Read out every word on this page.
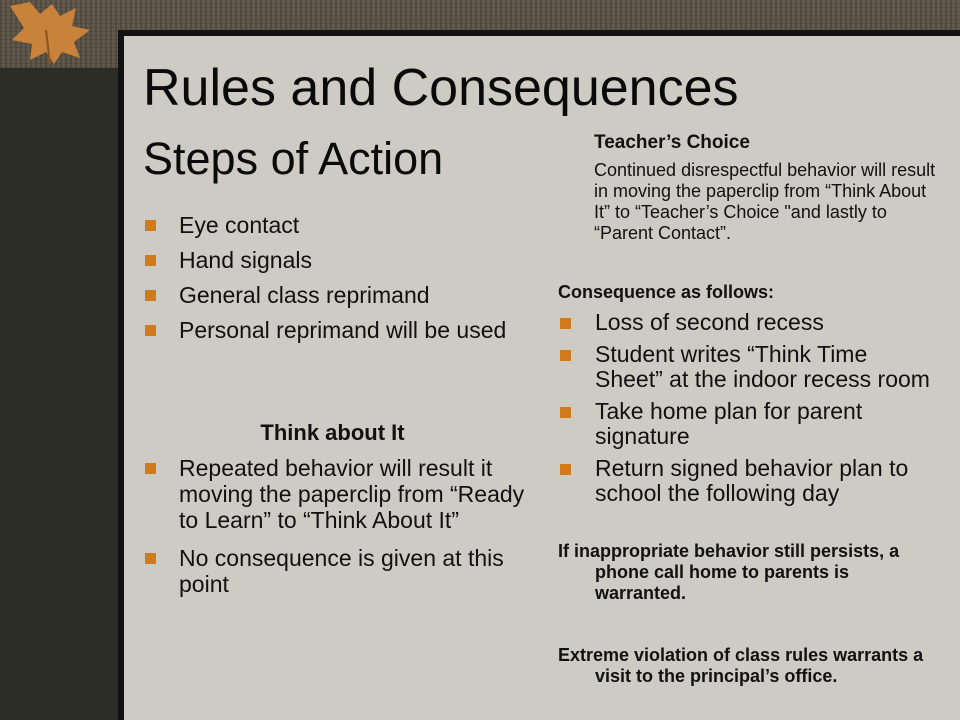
Rules and Consequences
Steps of Action
Eye contact
Hand signals
General class reprimand
Personal reprimand will be used
Think about It
Repeated behavior will result it moving the paperclip from “Ready to Learn” to “Think About It”
No consequence is given at this point
Teacher’s Choice
Continued disrespectful behavior will result in moving the paperclip from “Think About It” to “Teacher’s Choice "and lastly to “Parent Contact”.
Consequence as follows:
Loss of second recess
Student writes “Think Time Sheet” at the indoor recess room
Take home plan for parent signature
Return signed behavior plan to school the following day
If inappropriate behavior still persists, a phone call home to parents is warranted.
Extreme violation of class rules warrants a visit to the principal’s office.
